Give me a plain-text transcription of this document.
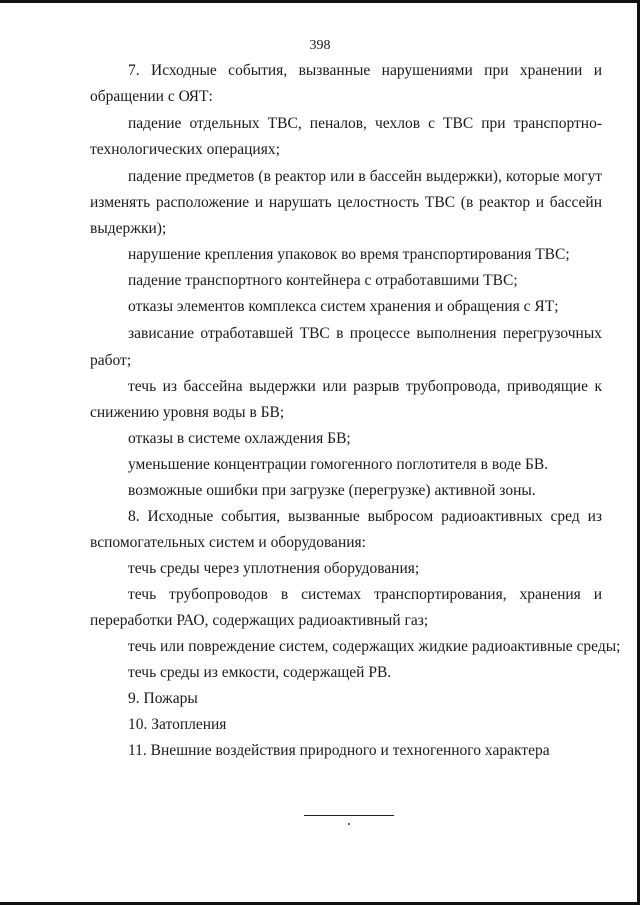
398
7. Исходные события, вызванные нарушениями при хранении и
обращении с ОЯТ:
падение отдельных ТВС, пеналов, чехлов с ТВС при транспортно-
технологических операциях;
падение предметов (в реактор или в бассейн выдержки), которые могут
изменять расположение и нарушать целостность ТВС (в реактор и бассейн
выдержки);
нарушение крепления упаковок во время транспортирования ТВС;
падение транспортного контейнера с отработавшими ТВС;
отказы элементов комплекса систем хранения и обращения с ЯТ;
зависание отработавшей ТВС в процессе выполнения перегрузочных
работ;
течь из бассейна выдержки или разрыв трубопровода, приводящие к
снижению уровня воды в БВ;
отказы в системе охлаждения БВ;
уменьшение концентрации гомогенного поглотителя в воде БВ.
возможные ошибки при загрузке (перегрузке) активной зоны.
8. Исходные события, вызванные выбросом радиоактивных сред из
вспомогательных систем и оборудования:
течь среды через уплотнения оборудования;
течь трубопроводов в системах транспортирования, хранения и
переработки РАО, содержащих радиоактивный газ;
течь или повреждение систем, содержащих жидкие радиоактивные среды;
течь среды из емкости, содержащей РВ.
9. Пожары
10. Затопления
11. Внешние воздействия природного и техногенного характера
